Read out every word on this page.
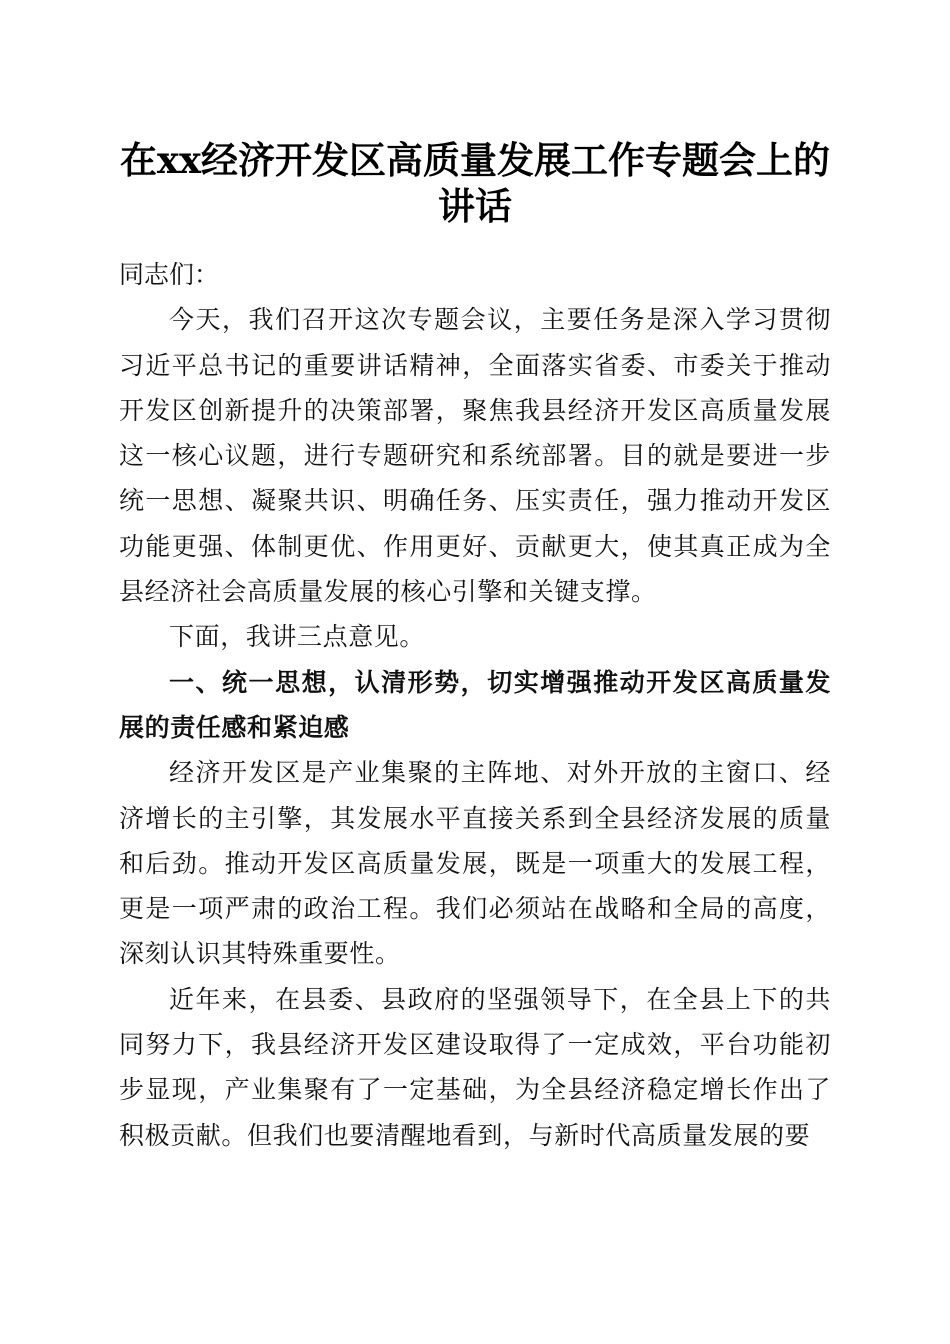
在xx经济开发区高质量发展工作专题会上的
讲话

同志们：

今天，我们召开这次专题会议，主要任务是深入学习贯彻习近平总书记的重要讲话精神，全面落实省委、市委关于推动开发区创新提升的决策部署，聚焦我县经济开发区高质量发展这一核心议题，进行专题研究和系统部署。目的就是要进一步统一思想、凝聚共识、明确任务、压实责任，强力推动开发区功能更强、体制更优、作用更好、贡献更大，使其真正成为全县经济社会高质量发展的核心引擎和关键支撑。

下面，我讲三点意见。

一、统一思想，认清形势，切实增强推动开发区高质量发展的责任感和紧迫感

经济开发区是产业集聚的主阵地、对外开放的主窗口、经济增长的主引擎，其发展水平直接关系到全县经济发展的质量和后劲。推动开发区高质量发展，既是一项重大的发展工程，更是一项严肃的政治工程。我们必须站在战略和全局的高度，深刻认识其特殊重要性。

近年来，在县委、县政府的坚强领导下，在全县上下的共同努力下，我县经济开发区建设取得了一定成效，平台功能初步显现，产业集聚有了一定基础，为全县经济稳定增长作出了积极贡献。但我们也要清醒地看到，与新时代高质量发展的要
